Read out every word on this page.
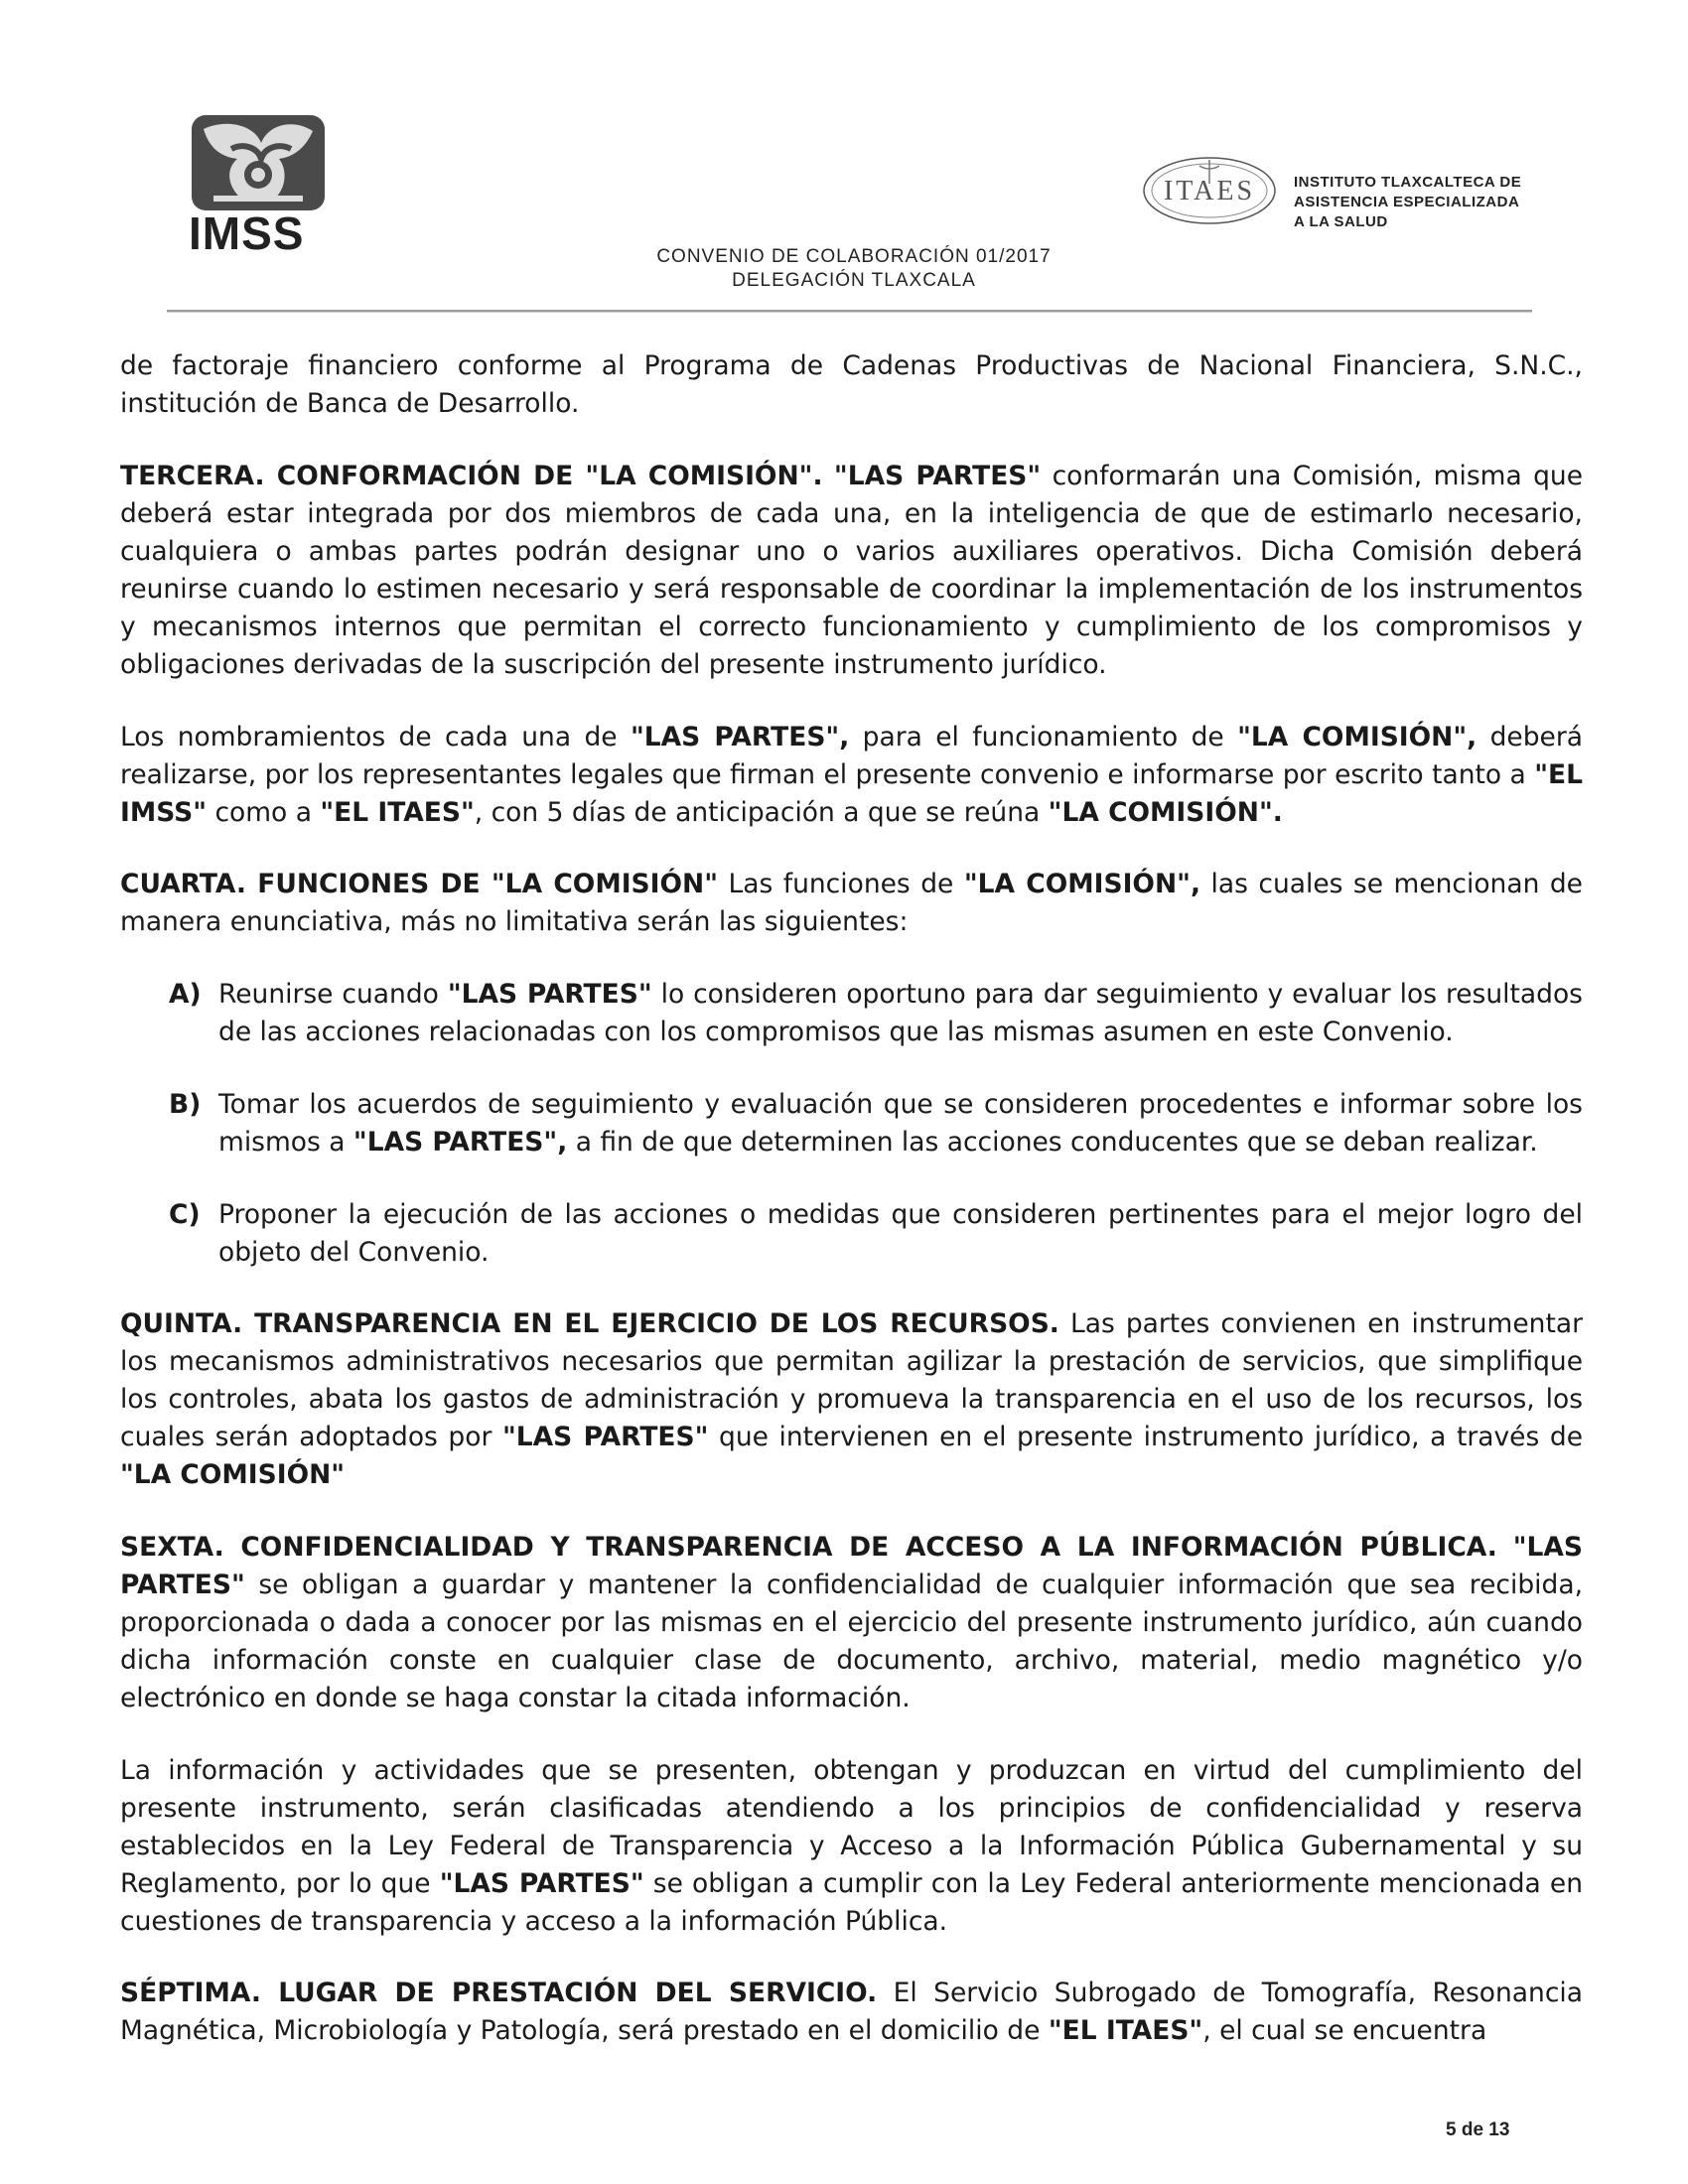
IMSS	CONVENIO DE COLABORACIÓN 01/2017
DELEGACIÓN TLAXCALA
ITAES	INSTITUTO TLAXCALTECA DE
ASISTENCIA ESPECIALIZADA
A LA SALUD

de factoraje financiero conforme al Programa de Cadenas Productivas de Nacional Financiera, S.N.C., institución de Banca de Desarrollo.

TERCERA. CONFORMACIÓN DE "LA COMISIÓN". "LAS PARTES" conformarán una Comisión, misma que deberá estar integrada por dos miembros de cada una, en la inteligencia de que de estimarlo necesario, cualquiera o ambas partes podrán designar uno o varios auxiliares operativos. Dicha Comisión deberá reunirse cuando lo estimen necesario y será responsable de coordinar la implementación de los instrumentos y mecanismos internos que permitan el correcto funcionamiento y cumplimiento de los compromisos y obligaciones derivadas de la suscripción del presente instrumento jurídico.

Los nombramientos de cada una de "LAS PARTES", para el funcionamiento de "LA COMISIÓN", deberá realizarse, por los representantes legales que firman el presente convenio e informarse por escrito tanto a "EL IMSS" como a "EL ITAES", con 5 días de anticipación a que se reúna "LA COMISIÓN".

CUARTA. FUNCIONES DE "LA COMISIÓN" Las funciones de "LA COMISIÓN", las cuales se mencionan de manera enunciativa, más no limitativa serán las siguientes:

A) Reunirse cuando "LAS PARTES" lo consideren oportuno para dar seguimiento y evaluar los resultados de las acciones relacionadas con los compromisos que las mismas asumen en este Convenio.

B) Tomar los acuerdos de seguimiento y evaluación que se consideren procedentes e informar sobre los mismos a "LAS PARTES", a fin de que determinen las acciones conducentes que se deban realizar.

C) Proponer la ejecución de las acciones o medidas que consideren pertinentes para el mejor logro del objeto del Convenio.

QUINTA. TRANSPARENCIA EN EL EJERCICIO DE LOS RECURSOS. Las partes convienen en instrumentar los mecanismos administrativos necesarios que permitan agilizar la prestación de servicios, que simplifique los controles, abata los gastos de administración y promueva la transparencia en el uso de los recursos, los cuales serán adoptados por "LAS PARTES" que intervienen en el presente instrumento jurídico, a través de "LA COMISIÓN"

SEXTA. CONFIDENCIALIDAD Y TRANSPARENCIA DE ACCESO A LA INFORMACIÓN PÚBLICA. "LAS PARTES" se obligan a guardar y mantener la confidencialidad de cualquier información que sea recibida, proporcionada o dada a conocer por las mismas en el ejercicio del presente instrumento jurídico, aún cuando dicha información conste en cualquier clase de documento, archivo, material, medio magnético y/o electrónico en donde se haga constar la citada información.

La información y actividades que se presenten, obtengan y produzcan en virtud del cumplimiento del presente instrumento, serán clasificadas atendiendo a los principios de confidencialidad y reserva establecidos en la Ley Federal de Transparencia y Acceso a la Información Pública Gubernamental y su Reglamento, por lo que "LAS PARTES" se obligan a cumplir con la Ley Federal anteriormente mencionada en cuestiones de transparencia y acceso a la información Pública.

SÉPTIMA. LUGAR DE PRESTACIÓN DEL SERVICIO. El Servicio Subrogado de Tomografía, Resonancia Magnética, Microbiología y Patología, será prestado en el domicilio de "EL ITAES", el cual se encuentra

5 de 13
